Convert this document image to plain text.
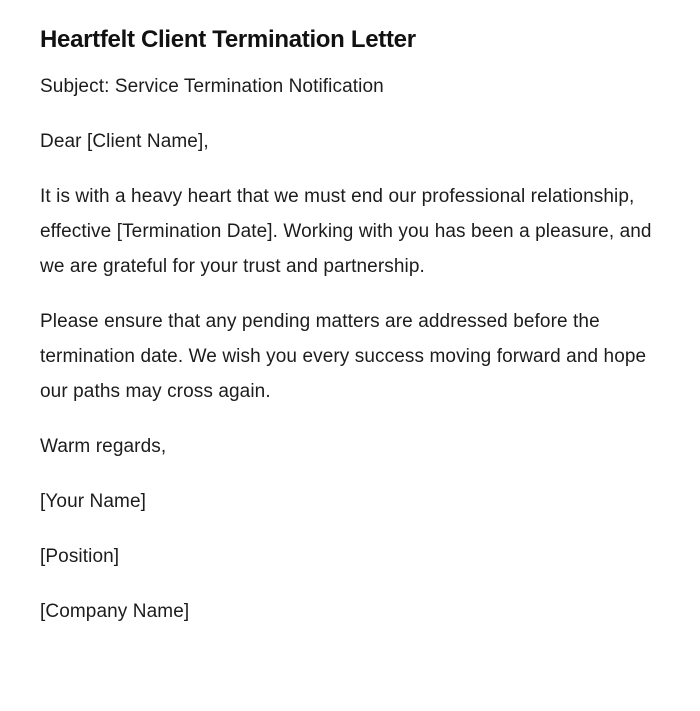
Heartfelt Client Termination Letter

Subject: Service Termination Notification

Dear [Client Name],

It is with a heavy heart that we must end our professional relationship, effective [Termination Date]. Working with you has been a pleasure, and we are grateful for your trust and partnership.

Please ensure that any pending matters are addressed before the termination date. We wish you every success moving forward and hope our paths may cross again.

Warm regards,

[Your Name]

[Position]

[Company Name]
